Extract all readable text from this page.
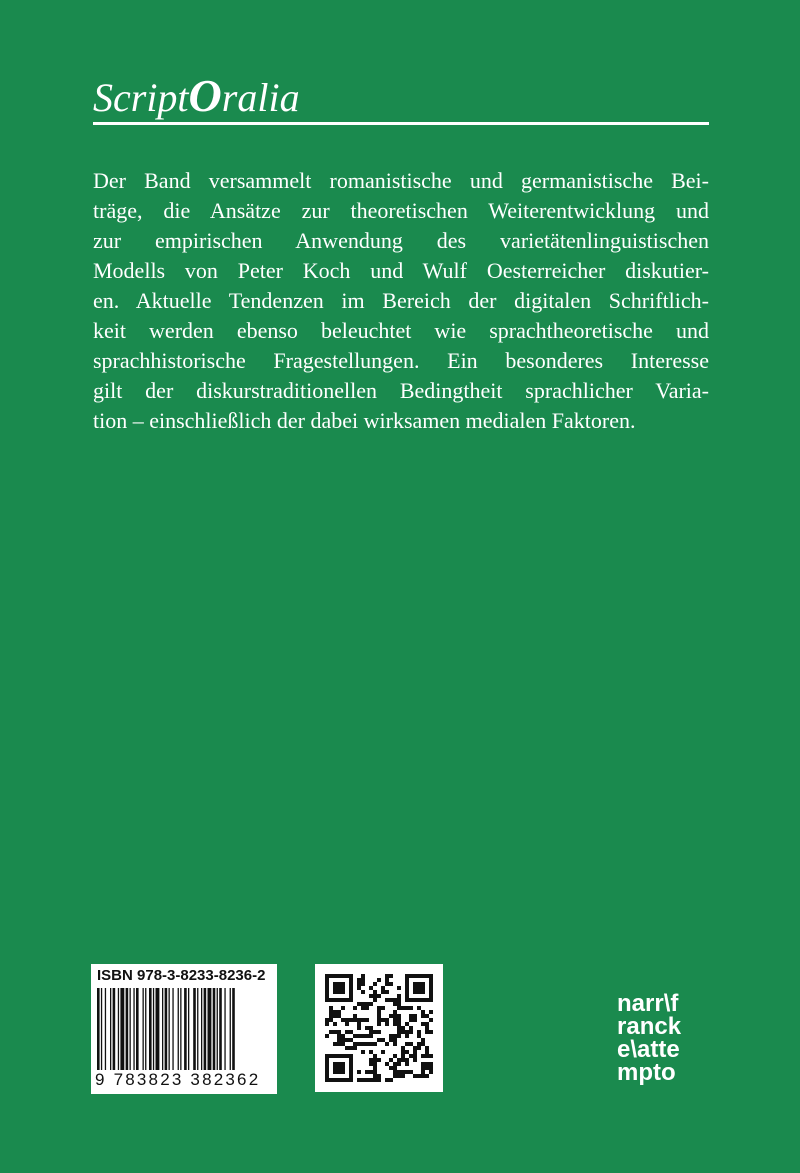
ScriptOralia
Der Band versammelt romanistische und germanistische Bei-
träge, die Ansätze zur theoretischen Weiterentwicklung und
zur empirischen Anwendung des varietätenlinguistischen
Modells von Peter Koch und Wulf Oesterreicher diskutier-
en. Aktuelle Tendenzen im Bereich der digitalen Schriftlich-
keit werden ebenso beleuchtet wie sprachtheoretische und
sprachhistorische Fragestellungen. Ein besonderes Interesse
gilt der diskurstraditionellen Bedingtheit sprachlicher Varia-
tion – einschließlich der dabei wirksamen medialen Faktoren.
ISBN 978-3-8233-8236-2
9 783823 382362
narr\f
ranck
e\atte
mpto
